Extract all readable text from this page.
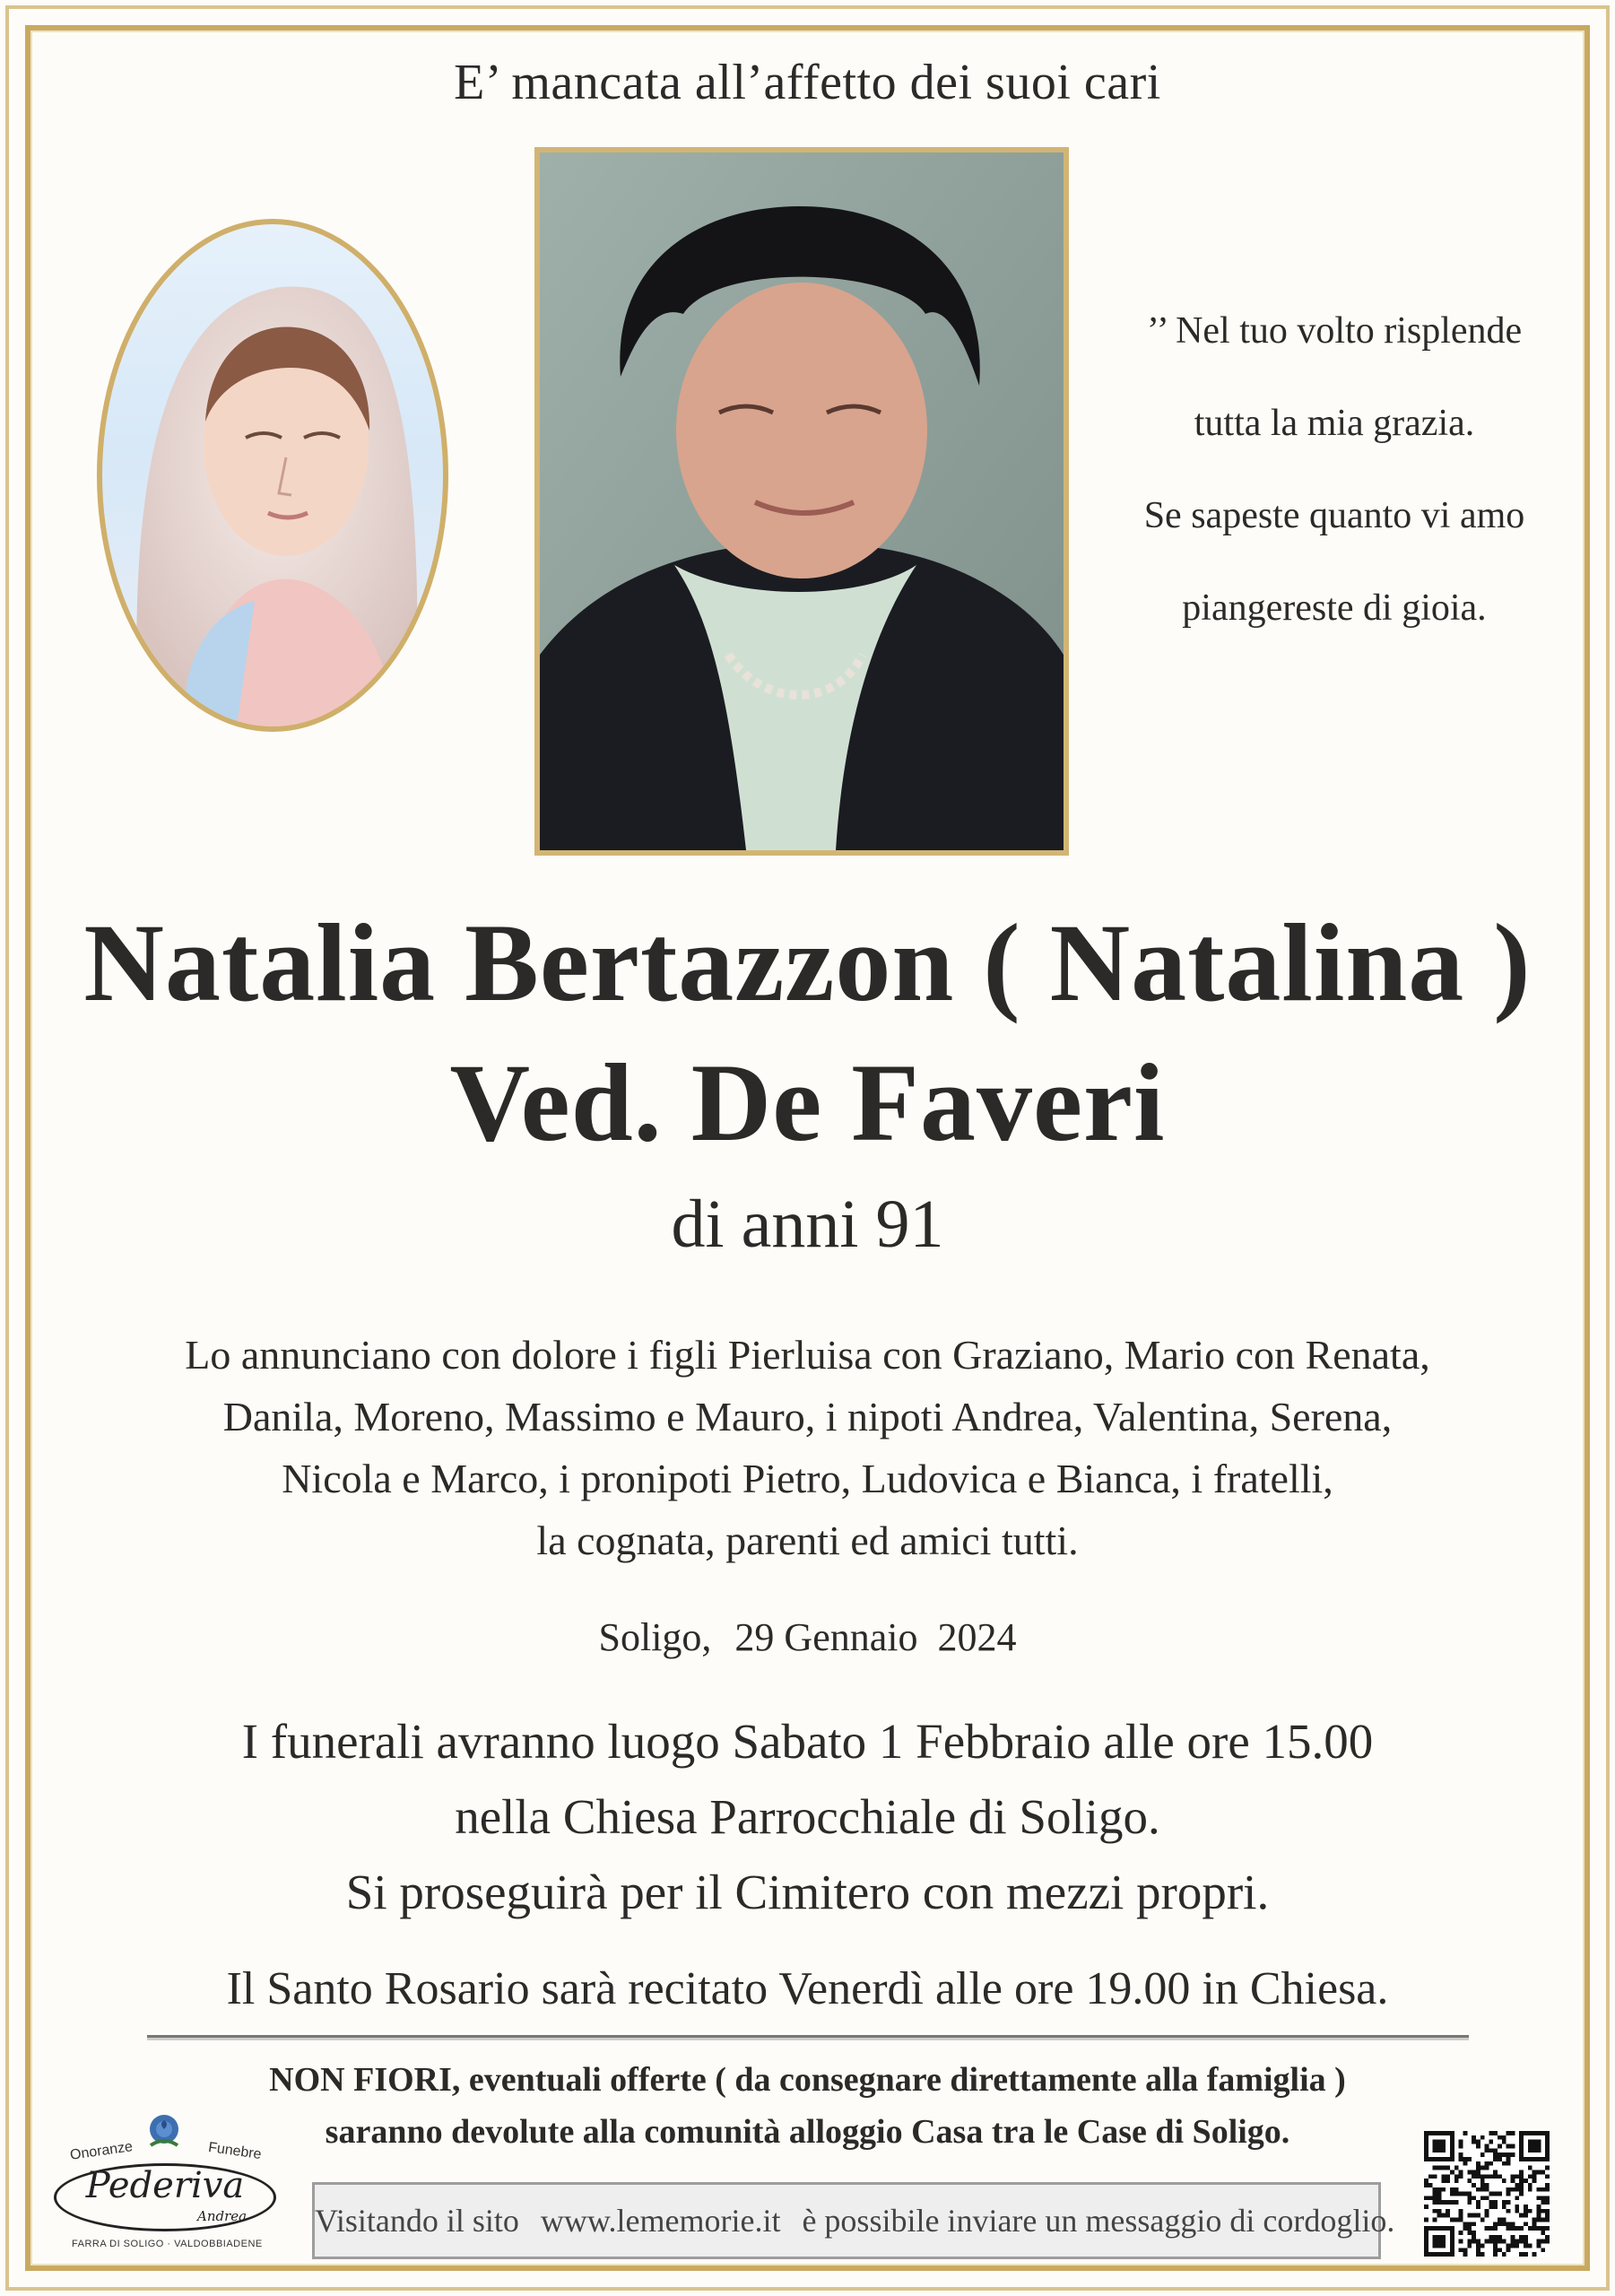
E’ mancata all’affetto dei suoi cari
’’ Nel tuo volto risplende
tutta la mia grazia.
Se sapeste quanto vi amo
piangereste di gioia.
Natalia Bertazzon ( Natalina )
Ved. De Faveri
di anni 91
Lo annunciano con dolore i figli Pierluisa con Graziano, Mario con Renata,
Danila, Moreno, Massimo e Mauro, i nipoti Andrea, Valentina, Serena,
Nicola e Marco, i pronipoti Pietro, Ludovica e Bianca, i fratelli,
la cognata, parenti ed amici tutti.
Soligo, 29 Gennaio  2024
I funerali avranno luogo Sabato 1 Febbraio alle ore 15.00
nella Chiesa Parrocchiale di Soligo.
Si proseguirà per il Cimitero con mezzi propri.
Il Santo Rosario sarà recitato Venerdì alle ore 19.00 in Chiesa.
NON FIORI, eventuali offerte ( da consegnare direttamente alla famiglia )
saranno devolute alla comunità alloggio Casa tra le Case di Soligo.
Onoranze	Funebre
Pederiva
Andrea
FARRA DI SOLIGO · VALDOBBIADENE
Visitando il sito www.lememorie.it è possibile inviare un messaggio di cordoglio.
